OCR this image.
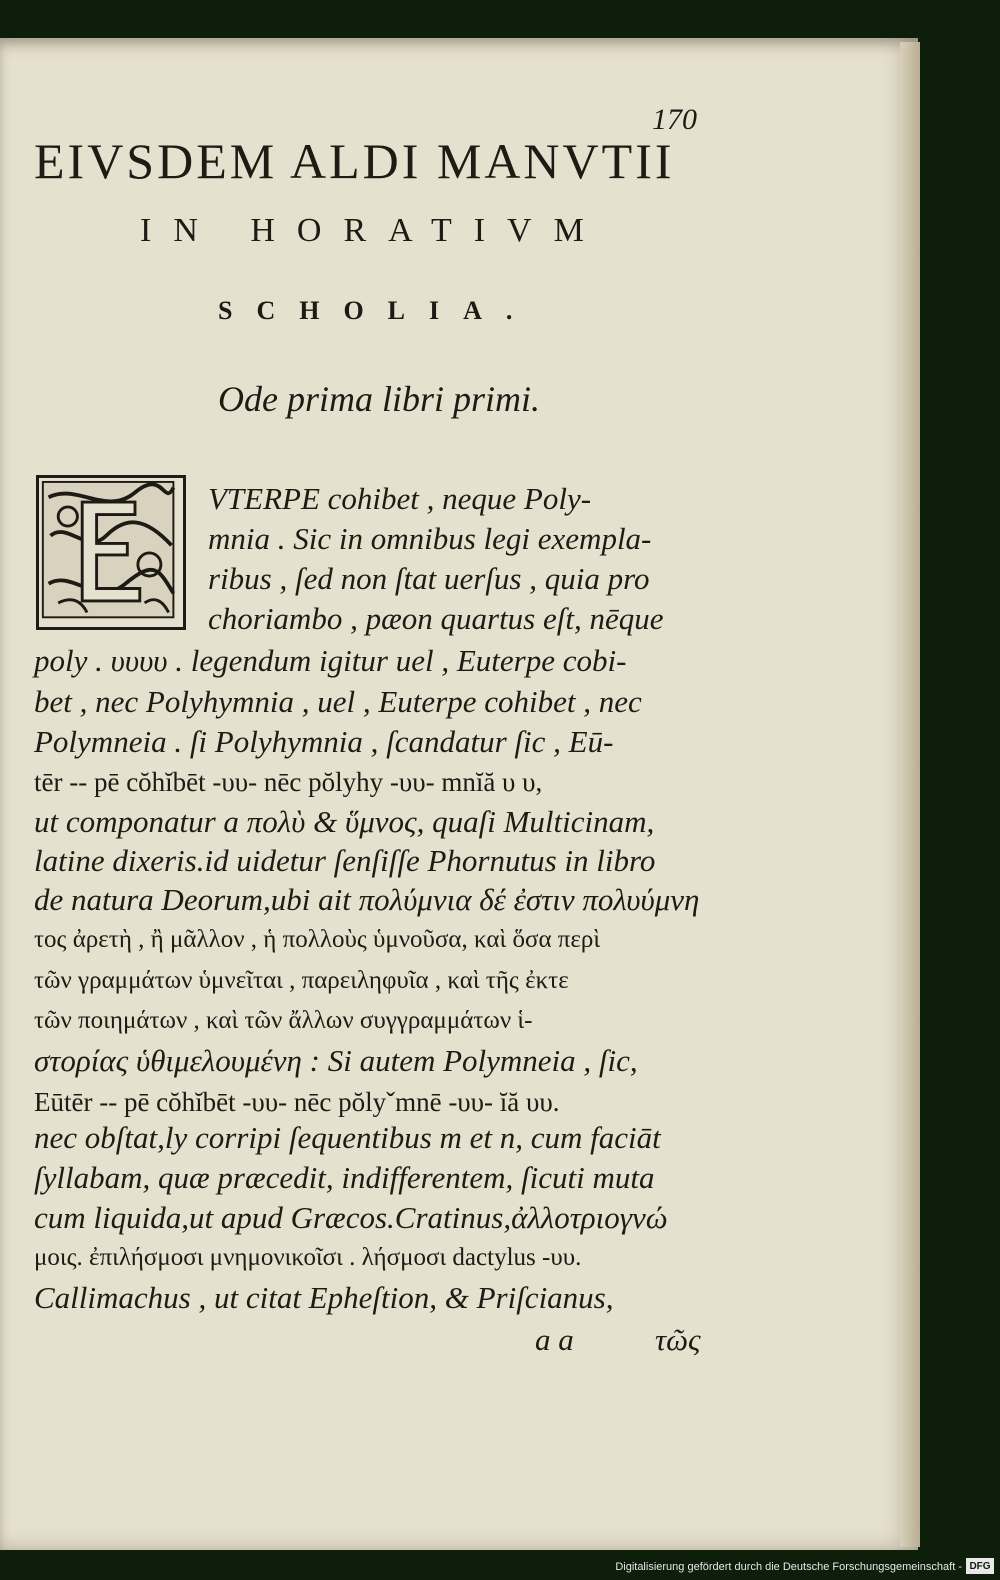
170
EIVSDEM ALDI MANVTII
IN HORATIVM
SCHOLIA.
Ode prima libri primi.
VTERPE cohibet , neque Poly-
mnia . Sic in omnibus legi exempla-
ribus , ſed non ſtat uerſus , quia pro
choriambo , pæon quartus eſt, nēque
poly . υυυυ . legendum igitur uel , Euterpe cobi-
bet , nec Polyhymnia , uel , Euterpe cohibet , nec
Polymneia . ſi Polyhymnia , ſcandatur ſic , Eū-
tēr -- pē cŏhĭbēt -υυ- nēc pŏlyhy -υυ- mnĭă υ υ,
ut componatur a πολὺ & ὕμνος, quaſi Multicinam,
latine dixeris.id uidetur ſenſiſſe Phornutus in libro
de natura Deorum,ubi ait πολύμνια δέ ἐστιν πολυύμνη
τος ἀρετὴ , ἢ μᾶλλον , ἡ πολλοὺς ὑμνοῦσα, καὶ ὅσα περὶ
τῶν γραμμάτων ὑμνεῖται , παρειληφυῖα , καὶ τῆς ἐκτε
τῶν ποιημάτων , καὶ τῶν ἄλλων συγγραμμάτων ἱ-
στορίας ὑθιμελουμένη : Si autem Polymneia , ſic,
Eūtēr -- pē cŏhĭbēt -υυ- nēc pŏlyˇmnē -υυ- ĭă υυ.
nec obſtat,ly corripi ſequentibus m et n, cum faciāt
ſyllabam, quæ præcedit, indifferentem, ſicuti muta
cum liquida,ut apud Græcos.Cratinus,ἀλλοτριογνώ
μοις. ἐπιλήσμοσι μνημονικοῖσι . λήσμοσι dactylus -υυ.
Callimachus , ut citat Epheſtion, & Priſcianus,
a a	τῶς
Digitalisierung gefördert durch die Deutsche Forschungsgemeinschaft - DFG
